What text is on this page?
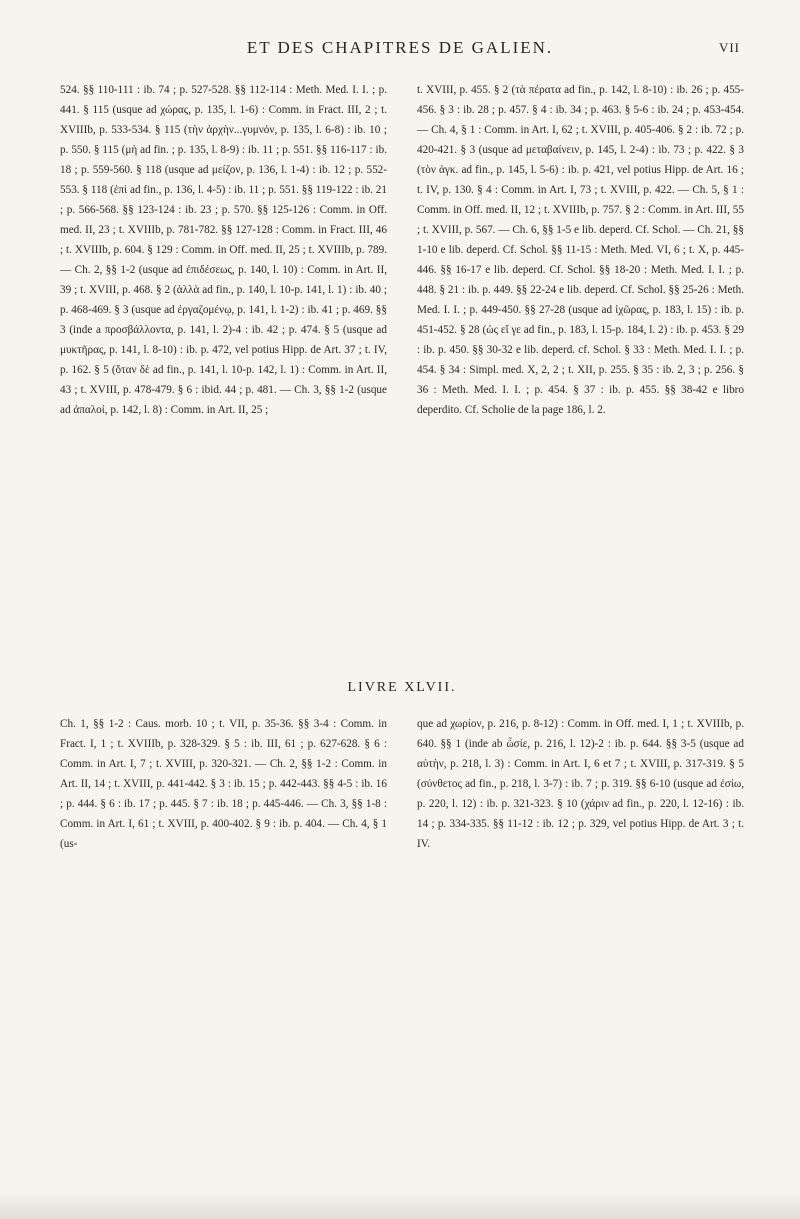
ET DES CHAPITRES DE GALIEN.	VII

524. §§ 110-111 : ib. 74 ; p. 527-528. §§ 112-114 : Meth. Med. I. I. ; p. 441. § 115 (usque ad χώρας, p. 135, l. 1-6) : Comm. in Fract. III, 2 ; t. XVIIIb, p. 533-534. § 115 (τὴν ἀρχὴν...γυμνόν, p. 135, l. 6-8) : ib. 10 ; p. 550. § 115 (μὴ ad fin. ; p. 135, l. 8-9) : ib. 11 ; p. 551. §§ 116-117 : ib. 18 ; p. 559-560. § 118 (usque ad μείζον, p. 136, l. 1-4) : ib. 12 ; p. 552-553. § 118 (ἐπὶ ad fin., p. 136, l. 4-5) : ib. 11 ; p. 551. §§ 119-122 : ib. 21 ; p. 566-568. §§ 123-124 : ib. 23 ; p. 570. §§ 125-126 : Comm. in Off. med. II, 23 ; t. XVIIIb, p. 781-782. §§ 127-128 : Comm. in Fract. III, 46 ; t. XVIIIb, p. 604. § 129 : Comm. in Off. med. II, 25 ; t. XVIIIb, p. 789. — Ch. 2, §§ 1-2 (usque ad ἐπιδέσεως, p. 140, l. 10) : Comm. in Art. II, 39 ; t. XVIII, p. 468. § 2 (ἀλλὰ ad fin., p. 140, l. 10-p. 141, l. 1) : ib. 40 ; p. 468-469. § 3 (usque ad ἐργαζομένῳ, p. 141, l. 1-2) : ib. 41 ; p. 469. §§ 3 (inde a προσβάλλοντα, p. 141, l. 2)-4 : ib. 42 ; p. 474. § 5 (usque ad μυκτῆρας, p. 141, l. 8-10) : ib. p. 472, vel potius Hipp. de Art. 37 ; t. IV, p. 162. § 5 (ὅταν δὲ ad fin., p. 141, l. 10-p. 142, l. 1) : Comm. in Art. II, 43 ; t. XVIII, p. 478-479. § 6 : ibid. 44 ; p. 481. — Ch. 3, §§ 1-2 (usque ad ἀπαλοί, p. 142, l. 8) : Comm. in Art. II, 25 ;

t. XVIII, p. 455. § 2 (τὰ πέρατα ad fin., p. 142, l. 8-10) : ib. 26 ; p. 455-456. § 3 : ib. 28 ; p. 457. § 4 : ib. 34 ; p. 463. § 5-6 : ib. 24 ; p. 453-454. — Ch. 4, § 1 : Comm. in Art. I, 62 ; t. XVIII, p. 405-406. § 2 : ib. 72 ; p. 420-421. § 3 (usque ad μεταβαίνειν, p. 145, l. 2-4) : ib. 73 ; p. 422. § 3 (τὸν ἀγκ. ad fin., p. 145, l. 5-6) : ib. p. 421, vel potius Hipp. de Art. 16 ; t. IV, p. 130. § 4 : Comm. in Art. I, 73 ; t. XVIII, p. 422. — Ch. 5, § 1 : Comm. in Off. med. II, 12 ; t. XVIIIb, p. 757. § 2 : Comm. in Art. III, 55 ; t. XVIII, p. 567. — Ch. 6, §§ 1-5 e lib. deperd. Cf. Schol. — Ch. 21, §§ 1-10 e lib. deperd. Cf. Schol. §§ 11-15 : Meth. Med. VI, 6 ; t. X, p. 445-446. §§ 16-17 e lib. deperd. Cf. Schol. §§ 18-20 : Meth. Med. I. I. ; p. 448. § 21 : ib. p. 449. §§ 22-24 e lib. deperd. Cf. Schol. §§ 25-26 : Meth. Med. I. I. ; p. 449-450. §§ 27-28 (usque ad ἰχῶρας, p. 183, l. 15) : ib. p. 451-452. § 28 (ὡς εἴ γε ad fin., p. 183, l. 15-p. 184, l. 2) : ib. p. 453. § 29 : ib. p. 450. §§ 30-32 e lib. deperd. cf. Schol. § 33 : Meth. Med. I. I. ; p. 454. § 34 : Simpl. med. X, 2, 2 ; t. XII, p. 255. § 35 : ib. 2, 3 ; p. 256. § 36 : Meth. Med. I. I. ; p. 454. § 37 : ib. p. 455. §§ 38-42 e libro deperdito. Cf. Scholie de la page 186, l. 2.

LIVRE XLVII.

Ch. 1, §§ 1-2 : Caus. morb. 10 ; t. VII, p. 35-36. §§ 3-4 : Comm. in Fract. I, 1 ; t. XVIIIb, p. 328-329. § 5 : ib. III, 61 ; p. 627-628. § 6 : Comm. in Art. I, 7 ; t. XVIII, p. 320-321. — Ch. 2, §§ 1-2 : Comm. in Art. II, 14 ; t. XVIII, p. 441-442. § 3 : ib. 15 ; p. 442-443. §§ 4-5 : ib. 16 ; p. 444. § 6 : ib. 17 ; p. 445. § 7 : ib. 18 ; p. 445-446. — Ch. 3, §§ 1-8 : Comm. in Art. I, 61 ; t. XVIII, p. 400-402. § 9 : ib. p. 404. — Ch. 4, § 1 (us-

que ad χωρίον, p. 216, p. 8-12) : Comm. in Off. med. I, 1 ; t. XVIIIb, p. 640. §§ 1 (inde ab ὦσίε, p. 216, l. 12)-2 : ib. p. 644. §§ 3-5 (usque ad αὐτὴν, p. 218, l. 3) : Comm. in Art. I, 6 et 7 ; t. XVIII, p. 317-319. § 5 (σύνθετος ad fin., p. 218, l. 3-7) : ib. 7 ; p. 319. §§ 6-10 (usque ad ἐσίω, p. 220, l. 12) : ib. p. 321-323. § 10 (χάριν ad fin., p. 220, l. 12-16) : ib. 14 ; p. 334-335. §§ 11-12 : ib. 12 ; p. 329, vel potius Hipp. de Art. 3 ; t. IV.
